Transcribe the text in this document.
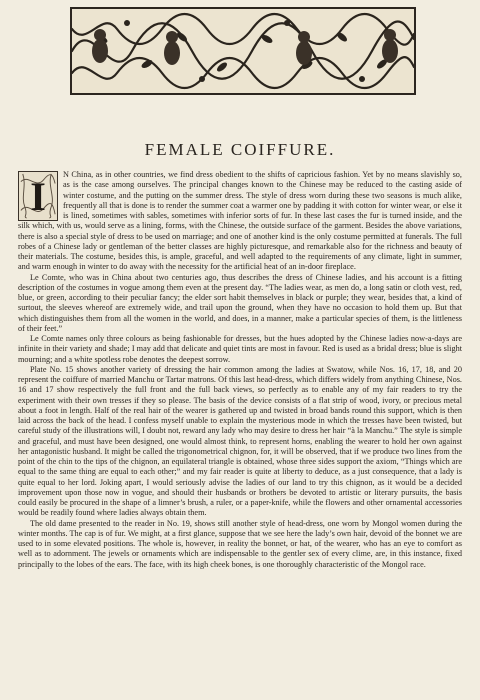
FEMALE COIFFURE.

I	N China, as in other countries, we find dress obedient to the shifts of capricious fashion. Yet by no means slavishly so, as is the case among ourselves. The principal changes known to the Chinese may be reduced to the casting aside of winter costume, and the putting on the summer dress. The style of dress worn during these two seasons is much alike, frequently all that is done is to render the summer coat a warmer one by padding it with cotton for winter wear, or else it is lined, sometimes with sables, sometimes with inferior sorts of fur. In these last cases the fur is turned inside, and the silk which, with us, would serve as a lining, forms, with the Chinese, the outside surface of the garment. Besides the above variations, there is also a special style of dress to be used on marriage; and one of another kind is the only costume permitted at funerals. The full robes of a Chinese lady or gentleman of the better classes are highly picturesque, and remarkable also for the richness and beauty of their materials. The costume, besides this, is ample, graceful, and well adapted to the requirements of any climate, light in summer, and warm enough in winter to do away with the necessity for the artificial heat of an in-door fireplace.

Le Comte, who was in China about two centuries ago, thus describes the dress of Chinese ladies, and his account is a fitting description of the costumes in vogue among them even at the present day. “The ladies wear, as men do, a long satin or cloth vest, red, blue, or green, according to their peculiar fancy; the elder sort habit themselves in black or purple; they wear, besides that, a kind of surtout, the sleeves whereof are extremely wide, and trail upon the ground, when they have no occasion to hold them up. But that which distinguishes them from all the women in the world, and does, in a manner, make a particular species of them, is the littleness of their feet.”

Le Comte names only three colours as being fashionable for dresses, but the hues adopted by the Chinese ladies now-a-days are infinite in their variety and shade; I may add that delicate and quiet tints are most in favour. Red is used as a bridal dress; blue is slight mourning; and a white spotless robe denotes the deepest sorrow.

Plate No. 15 shows another variety of dressing the hair common among the ladies at Swatow, while Nos. 16, 17, 18, and 20 represent the coiffure of married Manchu or Tartar matrons. Of this last head-dress, which differs widely from anything Chinese, Nos. 16 and 17 show respectively the full front and the full back views, so perfectly as to enable any of my fair readers to try the experiment with their own tresses if they so please. The basis of the device consists of a flat strip of wood, ivory, or precious metal about a foot in length. Half of the real hair of the wearer is gathered up and twisted in broad bands round this support, which is then laid across the back of the head. I confess myself unable to explain the mysterious mode in which the tresses have been twisted, but careful study of the illustrations will, I doubt not, reward any lady who may desire to dress her hair “à la Manchu.” The style is simple and graceful, and must have been designed, one would almost think, to represent horns, enabling the wearer to hold her own against her antagonistic husband. It might be called the trigonometrical chignon, for, it will be observed, that if we produce two lines from the point of the chin to the tips of the chignon, an equilateral triangle is obtained, whose three sides support the axiom, “Things which are equal to the same thing are equal to each other;” and my fair reader is quite at liberty to deduce, as a just consequence, that a lady is quite equal to her lord. Joking apart, I would seriously advise the ladies of our land to try this chignon, as it would be a decided improvement upon those now in vogue, and should their husbands or brothers be devoted to artistic or literary pursuits, the basis could easily be procured in the shape of a limner’s brush, a ruler, or a paper-knife, while the flowers and other ornamental accessories would be readily found where ladies always obtain them.

The old dame presented to the reader in No. 19, shows still another style of head-dress, one worn by Mongol women during the winter months. The cap is of fur. We might, at a first glance, suppose that we see here the lady’s own hair, devoid of the bonnet we are used to in some elevated positions. The whole is, however, in reality the bonnet, or hat, of the wearer, who has an eye to comfort as well as to adornment. The jewels or ornaments which are indispensable to the gentler sex of every clime, are, in this instance, fixed principally to the lobes of the ears. The face, with its high cheek bones, is one thoroughly characteristic of the Mongol race.
